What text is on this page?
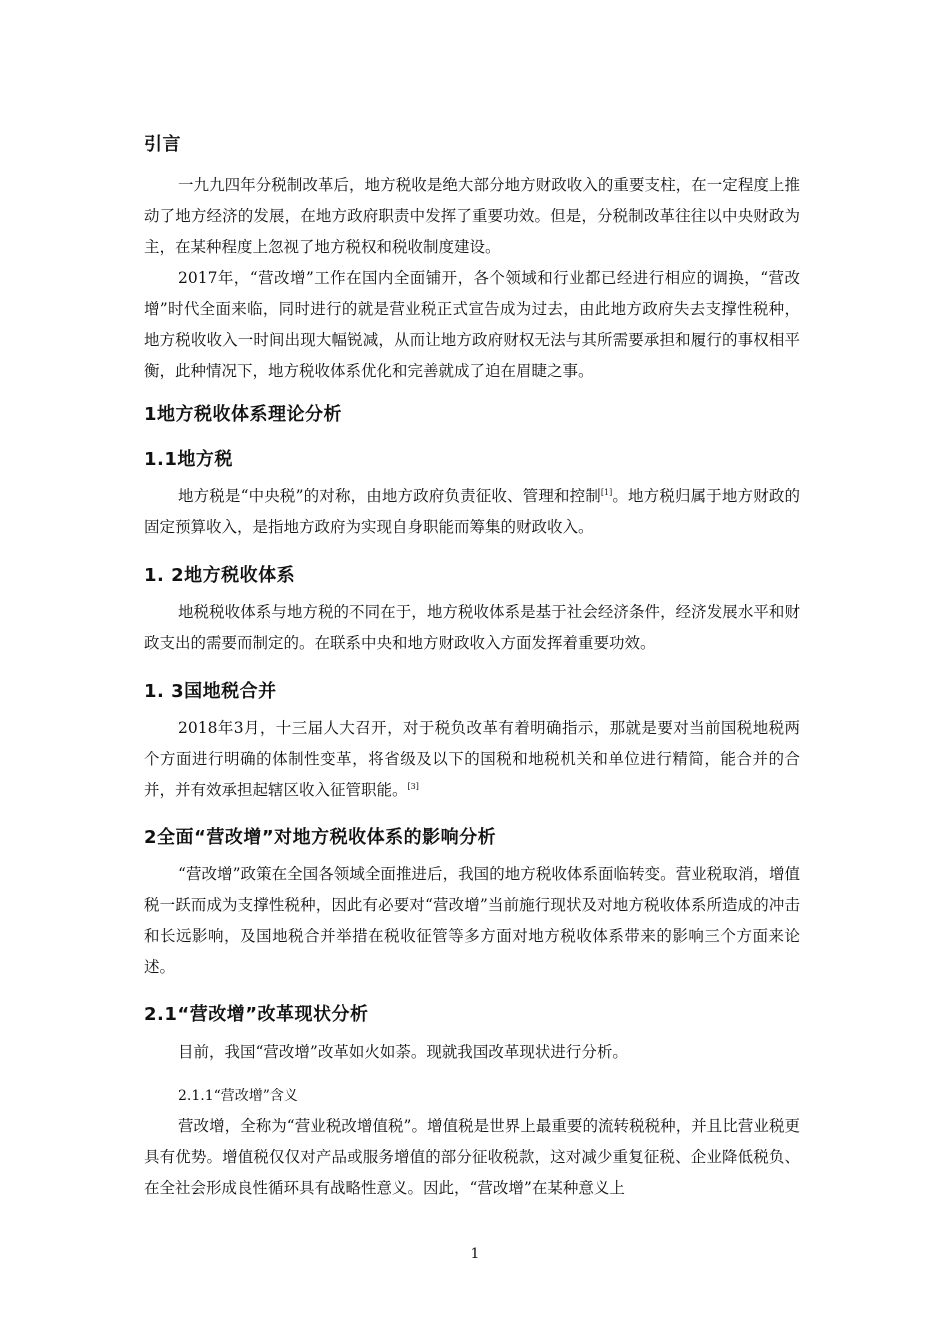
引言

一九九四年分税制改革后，地方税收是绝大部分地方财政收入的重要支柱，在一定程度上推动了地方经济的发展，在地方政府职责中发挥了重要功效。但是，分税制改革往往以中央财政为主，在某种程度上忽视了地方税权和税收制度建设。

2017年，“营改增”工作在国内全面铺开，各个领域和行业都已经进行相应的调换，“营改增”时代全面来临，同时进行的就是营业税正式宣告成为过去，由此地方政府失去支撑性税种，地方税收收入一时间出现大幅锐减，从而让地方政府财权无法与其所需要承担和履行的事权相平衡，此种情况下，地方税收体系优化和完善就成了迫在眉睫之事。

1地方税收体系理论分析
1.1地方税

地方税是“中央税”的对称，由地方政府负责征收、管理和控制[1]。地方税归属于地方财政的固定预算收入，是指地方政府为实现自身职能而筹集的财政收入。

1. 2地方税收体系

地税税收体系与地方税的不同在于，地方税收体系是基于社会经济条件，经济发展水平和财政支出的需要而制定的。在联系中央和地方财政收入方面发挥着重要功效。

1. 3国地税合并

2018年3月，十三届人大召开，对于税负改革有着明确指示，那就是要对当前国税地税两个方面进行明确的体制性变革，将省级及以下的国税和地税机关和单位进行精简，能合并的合并，并有效承担起辖区收入征管职能。[3]

2全面“营改增”对地方税收体系的影响分析

“营改增”政策在全国各领域全面推进后，我国的地方税收体系面临转变。营业税取消，增值税一跃而成为支撑性税种，因此有必要对“营改增”当前施行现状及对地方税收体系所造成的冲击和长远影响，及国地税合并举措在税收征管等多方面对地方税收体系带来的影响三个方面来论述。

2.1“营改增”改革现状分析

目前，我国“营改增”改革如火如荼。现就我国改革现状进行分析。

2.1.1“营改增”含义

营改增，全称为“营业税改增值税”。增值税是世界上最重要的流转税税种，并且比营业税更具有优势。增值税仅仅对产品或服务增值的部分征收税款，这对减少重复征税、企业降低税负、在全社会形成良性循环具有战略性意义。因此，“营改增”在某种意义上

1
